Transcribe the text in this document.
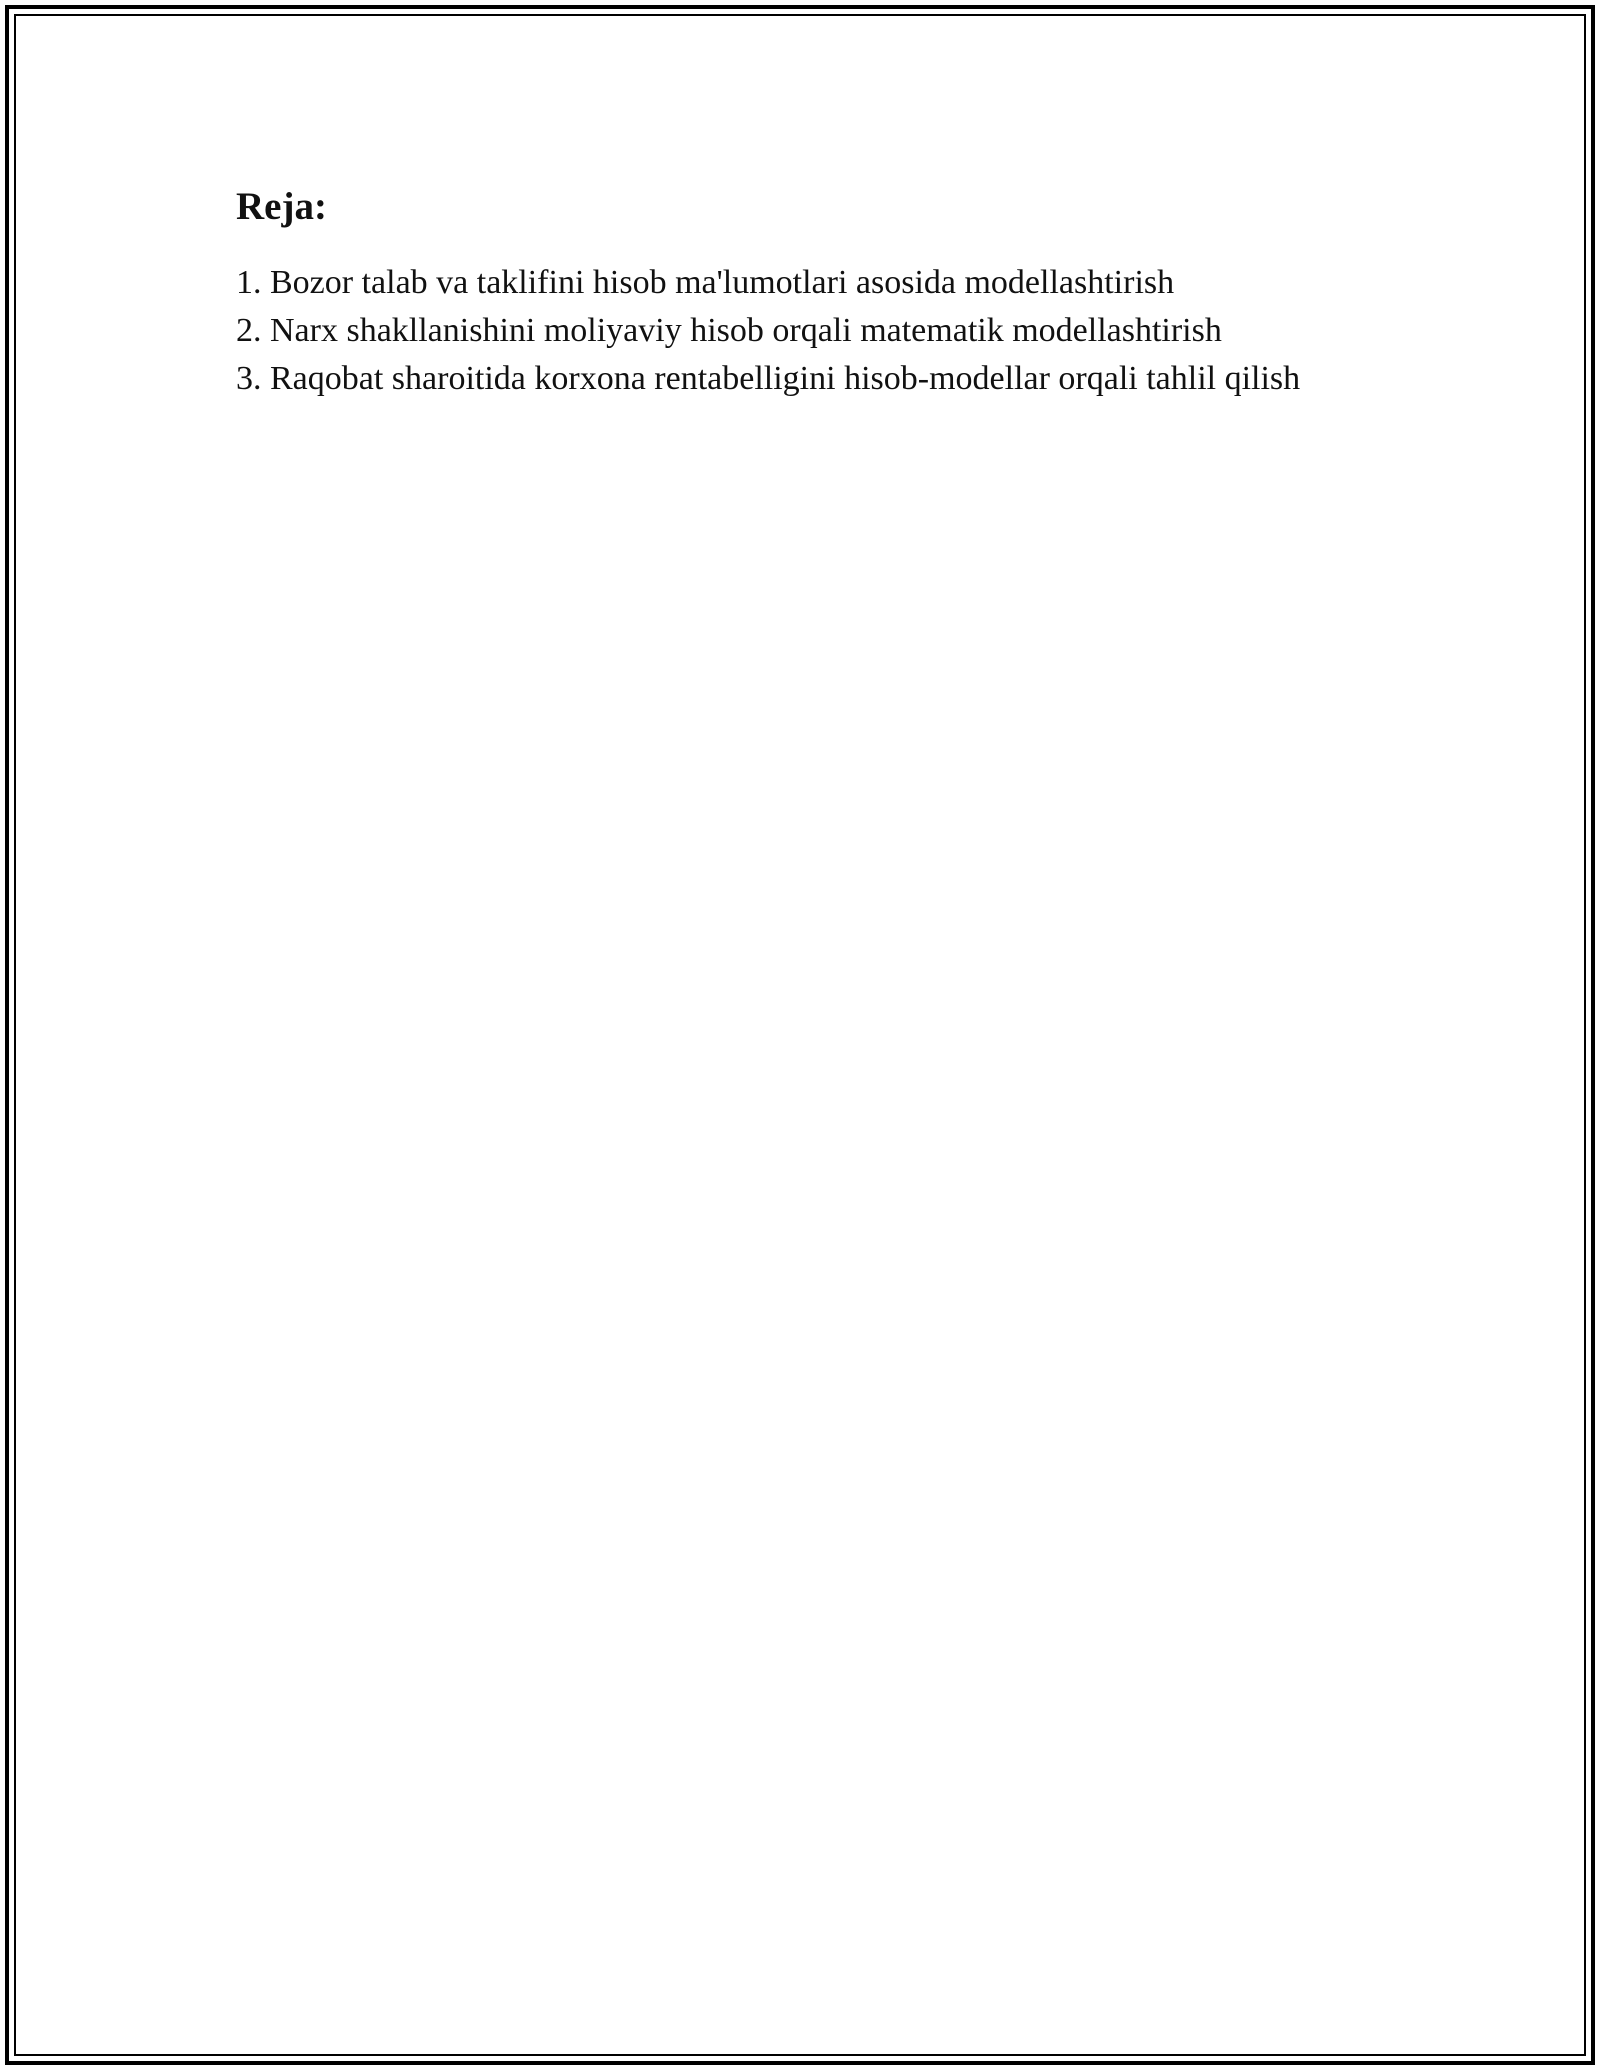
Reja:
1. Bozor talab va taklifini hisob ma'lumotlari asosida modellashtirish
2. Narx shakllanishini moliyaviy hisob orqali matematik modellashtirish
3. Raqobat sharoitida korxona rentabelligini hisob-modellar orqali tahlil qilish
